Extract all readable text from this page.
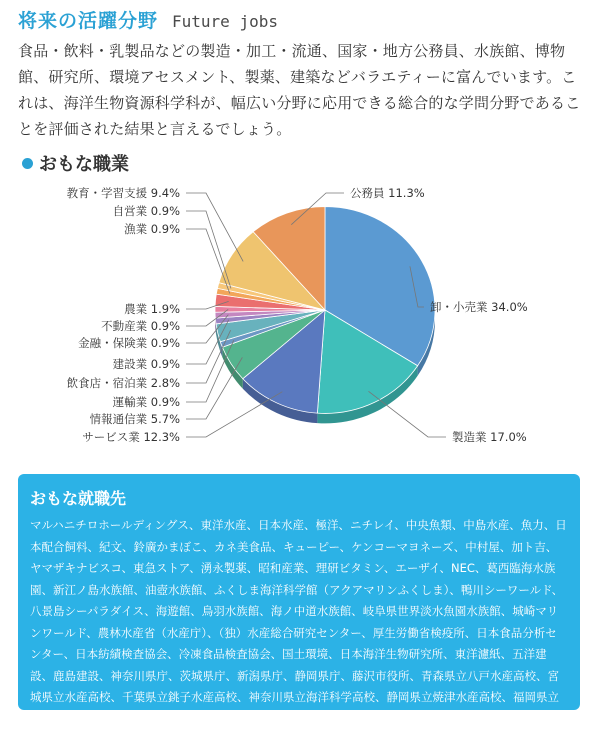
将来の活躍分野 Future jobs

食品・飲料・乳製品などの製造・加工・流通、国家・地方公務員、水族館、博物館、研究所、環境アセスメント、製薬、建築などバラエティーに富んでいます。これは、海洋生物資源科学科が、幅広い分野に応用できる総合的な学問分野であることを評価された結果と言えるでしょう。

おもな職業
卸・小売業 34.0%
製造業 17.0%
サービス業 12.3%
情報通信業 5.7%
運輸業 0.9%
飲食店・宿泊業 2.8%
建設業 0.9%
金融・保険業 0.9%
不動産業 0.9%
農業 1.9%
漁業 0.9%
自営業 0.9%
教育・学習支援 9.4%	公務員 11.3%
おもな就職先

マルハニチロホールディングス、東洋水産、日本水産、極洋、ニチレイ、中央魚類、中島水産、魚力、日本配合飼料、紀文、鈴廣かまぼこ、カネ美食品、キューピー、ケンコーマヨネーズ、中村屋、加ト吉、ヤマザキナビスコ、東急ストア、湧永製薬、昭和産業、理研ビタミン、エーザイ、NEC、葛西臨海水族園、新江ノ島水族館、油壺水族館、ふくしま海洋科学館（アクアマリンふくしま）、鴨川シーワールド、八景島シーパラダイス、海遊館、鳥羽水族館、海ノ中道水族館、岐阜県世界淡水魚園水族館、城崎マリンワールド、農林水産省（水産庁）、（独）水産総合研究センター、厚生労働省検疫所、日本食品分析センター、日本紡績検査協会、冷凍食品検査協会、国土環境、日本海洋生物研究所、東洋濾紙、五洋建設、鹿島建設、神奈川県庁、茨城県庁、新潟県庁、静岡県庁、藤沢市役所、青森県立八戸水産高校、宮城県立水産高校、千葉県立銚子水産高校、神奈川県立海洋科学高校、静岡県立焼津水産高校、福岡県立水産高校、立正大学、新潟薬科大学、女子栄養短期大学、鎌倉女子大学など
